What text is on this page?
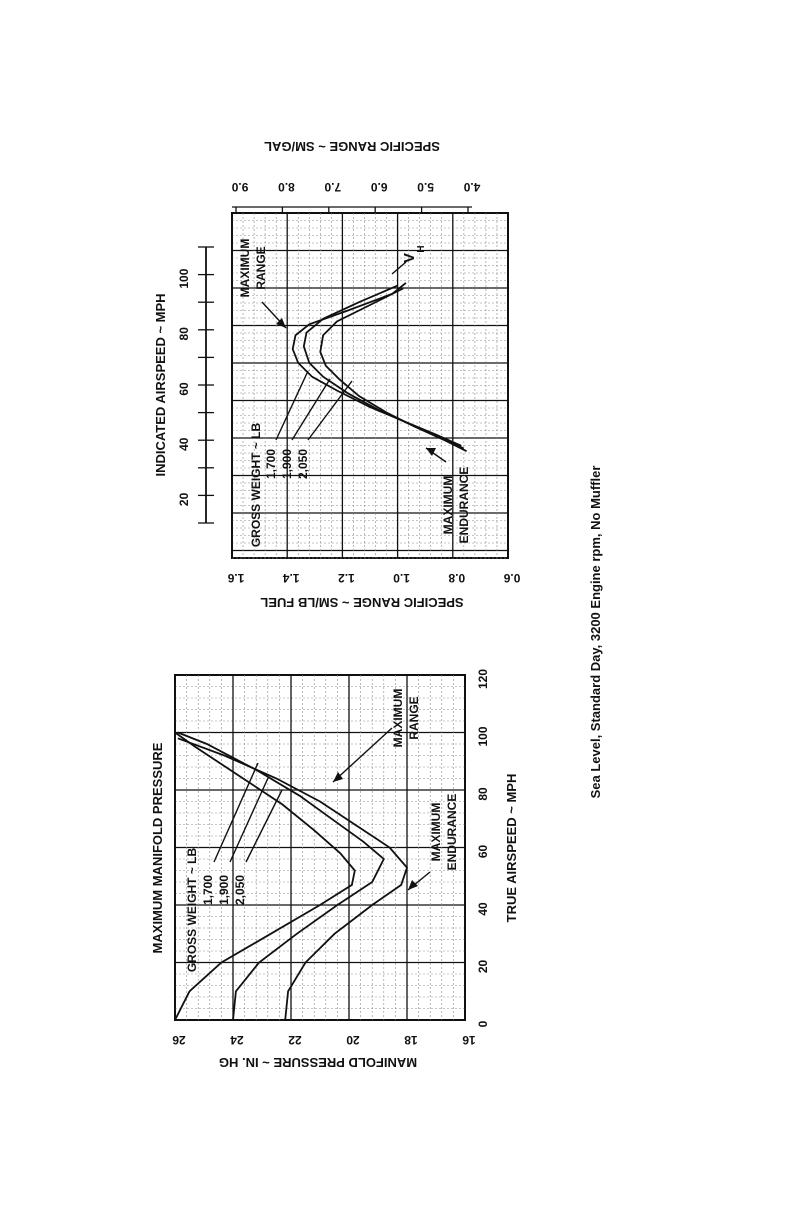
0
20
40
60
80
100
120
16
18
20
22
24
26
MAXIMUM MANIFOLD PRESSURE	TRUE AIRSPEED ~ MPH
MANIFOLD PRESSURE ~ IN. HG
GROSS WEIGHT ~ LB 1,700 1,900 2,050
MAXIMUM ENDURANCE
MAXIMUM RANGE
20
40
60
80
100
0.6
0.8
1.0
1.2
1.4
1.6
4.0
5.0
6.0
7.0
8.0
9.0
INDICATED AIRSPEED ~ MPH
SPECIFIC RANGE ~ SM/LB FUEL
SPECIFIC RANGE ~ SM/GAL
GROSS WEIGHT ~ LB 1,700 1,900 2,050
MAXIMUM RANGE
MAXIMUM ENDURANCE
V
H
Sea Level, Standard Day, 3200 Engine rpm, No Muffler
